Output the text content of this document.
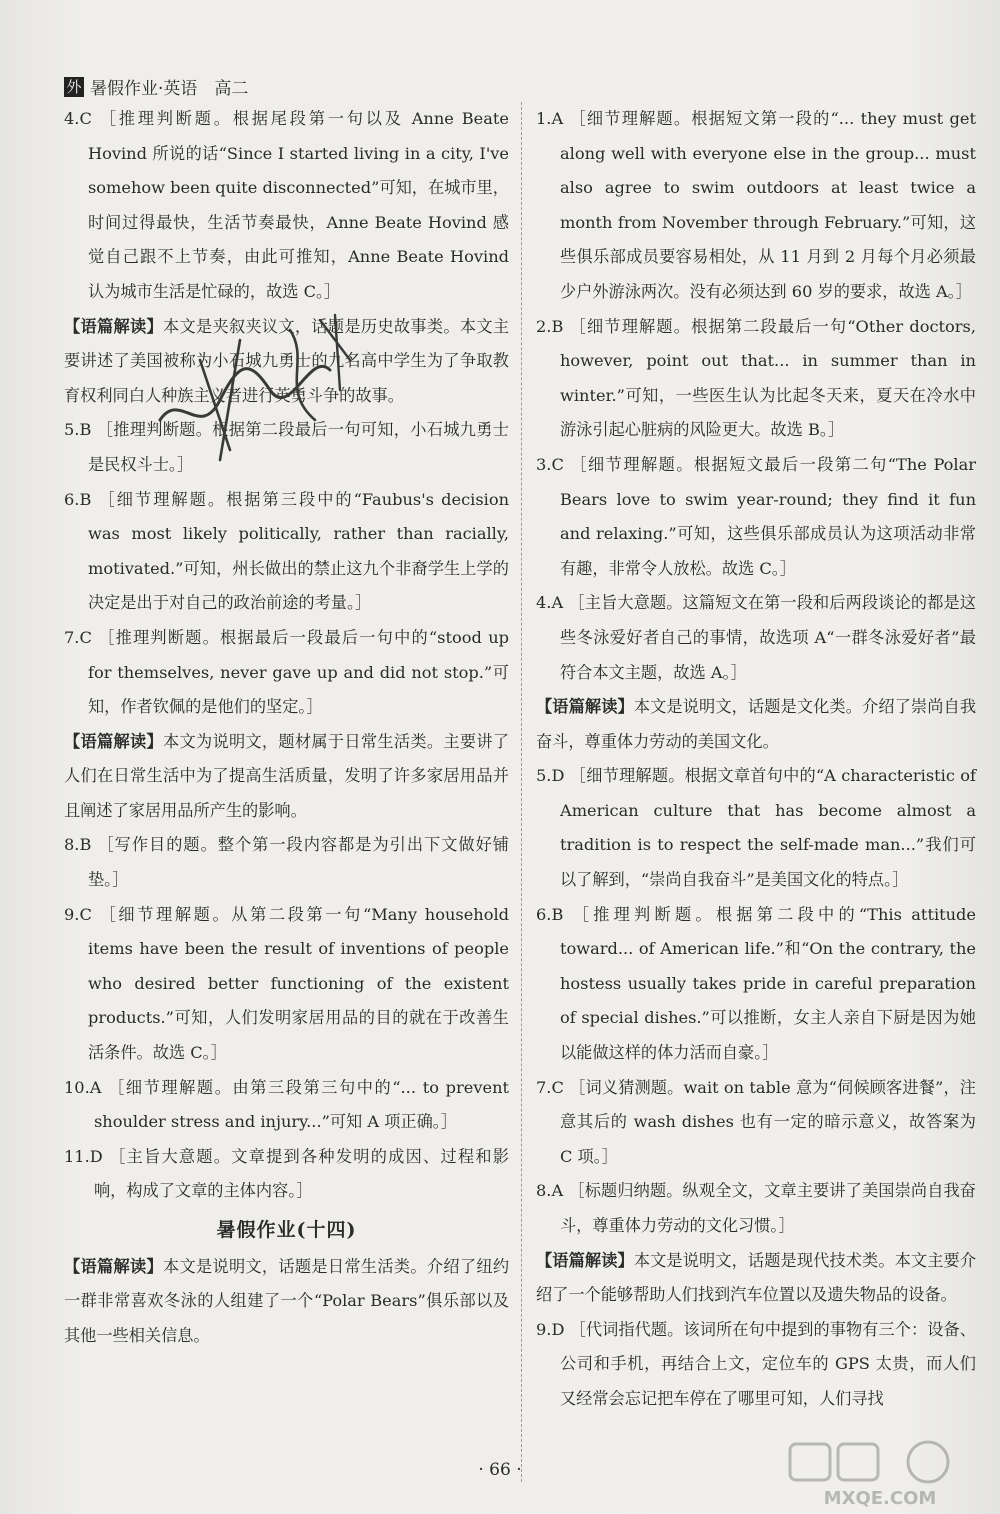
外 暑假作业·英语　高二

4.C ［推理判断题。根据尾段第一句以及 Anne Beate Hovind 所说的话“Since I started living in a city, I've somehow been quite disconnected”可知，在城市里，时间过得最快，生活节奏最快，Anne Beate Hovind 感觉自己跟不上节奏，由此可推知，Anne Beate Hovind 认为城市生活是忙碌的，故选 C。］

【语篇解读】本文是夹叙夹议文，话题是历史故事类。本文主要讲述了美国被称为小石城九勇士的九名高中学生为了争取教育权利同白人种族主义者进行英勇斗争的故事。

5.B ［推理判断题。根据第二段最后一句可知，小石城九勇士是民权斗士。］

6.B ［细节理解题。根据第三段中的“Faubus's decision was most likely politically, rather than racially, motivated.”可知，州长做出的禁止这九个非裔学生上学的决定是出于对自己的政治前途的考量。］

7.C ［推理判断题。根据最后一段最后一句中的“stood up for themselves, never gave up and did not stop.”可知，作者钦佩的是他们的坚定。］

【语篇解读】本文为说明文，题材属于日常生活类。主要讲了人们在日常生活中为了提高生活质量，发明了许多家居用品并且阐述了家居用品所产生的影响。

8.B ［写作目的题。整个第一段内容都是为引出下文做好铺垫。］

9.C ［细节理解题。从第二段第一句“Many household items have been the result of inventions of people who desired better functioning of the existent products.”可知，人们发明家居用品的目的就在于改善生活条件。故选 C。］

10.A ［细节理解题。由第三段第三句中的“... to prevent shoulder stress and injury...”可知 A 项正确。］

11.D ［主旨大意题。文章提到各种发明的成因、过程和影响，构成了文章的主体内容。］

暑假作业(十四)

【语篇解读】本文是说明文，话题是日常生活类。介绍了纽约一群非常喜欢冬泳的人组建了一个“Polar Bears”俱乐部以及其他一些相关信息。

1.A ［细节理解题。根据短文第一段的“... they must get along well with everyone else in the group... must also agree to swim outdoors at least twice a month from November through February.”可知，这些俱乐部成员要容易相处，从 11 月到 2 月每个月必须最少户外游泳两次。没有必须达到 60 岁的要求，故选 A。］

2.B ［细节理解题。根据第二段最后一句“Other doctors, however, point out that... in summer than in winter.”可知，一些医生认为比起冬天来，夏天在冷水中游泳引起心脏病的风险更大。故选 B。］

3.C ［细节理解题。根据短文最后一段第二句“The Polar Bears love to swim year-round; they find it fun and relaxing.”可知，这些俱乐部成员认为这项活动非常有趣，非常令人放松。故选 C。］

4.A ［主旨大意题。这篇短文在第一段和后两段谈论的都是这些冬泳爱好者自己的事情，故选项 A“一群冬泳爱好者”最符合本文主题，故选 A。］

【语篇解读】本文是说明文，话题是文化类。介绍了崇尚自我奋斗，尊重体力劳动的美国文化。

5.D ［细节理解题。根据文章首句中的“A characteristic of American culture that has become almost a tradition is to respect the self-made man...”我们可以了解到，“崇尚自我奋斗”是美国文化的特点。］

6.B ［推理判断题。根据第二段中的“This attitude toward... of American life.”和“On the contrary, the hostess usually takes pride in careful preparation of special dishes.”可以推断，女主人亲自下厨是因为她以能做这样的体力活而自豪。］

7.C ［词义猜测题。wait on table 意为“伺候顾客进餐”，注意其后的 wash dishes 也有一定的暗示意义，故答案为 C 项。］

8.A ［标题归纳题。纵观全文，文章主要讲了美国崇尚自我奋斗，尊重体力劳动的文化习惯。］

【语篇解读】本文是说明文，话题是现代技术类。本文主要介绍了一个能够帮助人们找到汽车位置以及遗失物品的设备。

9.D ［代词指代题。该词所在句中提到的事物有三个：设备、公司和手机，再结合上文，定位车的 GPS 太贵，而人们又经常会忘记把车停在了哪里可知，人们寻找

· 66 ·
MXQE.COM
